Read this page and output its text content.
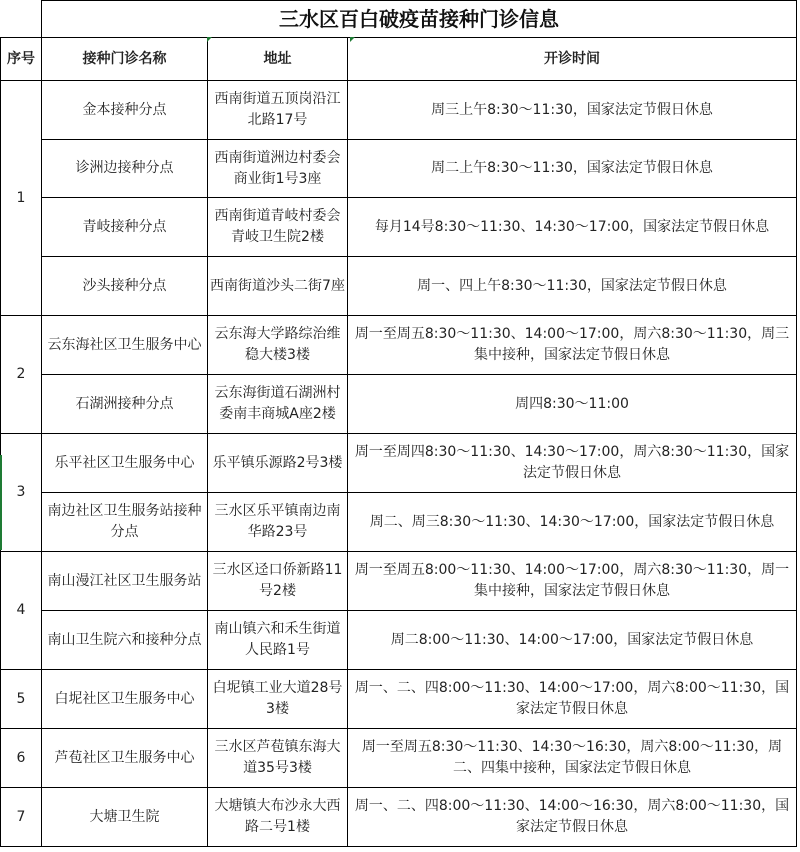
	三水区百白破疫苗接种门诊信息		
序号	接种门诊名称	地址	开诊时间
1	金本接种分点	西南街道五顶岗沿江北路17号	周三上午8:30～11:30，国家法定节假日休息
	诊洲边接种分点	西南街道洲边村委会商业街1号3座	周二上午8:30～11:30，国家法定节假日休息
	青岐接种分点	西南街道青岐村委会青岐卫生院2楼	每月14号8:30～11:30、14:30～17:00，国家法定节假日休息
	沙头接种分点	西南街道沙头二街7座	周一、四上午8:30～11:30，国家法定节假日休息
2	云东海社区卫生服务中心	云东海大学路综治维稳大楼3楼	周一至周五8:30～11:30、14:00～17:00，周六8:30～11:30，周三集中接种，国家法定节假日休息
	石湖洲接种分点	云东海街道石湖洲村委南丰商城A座2楼	周四8:30～11:00
3	乐平社区卫生服务中心	乐平镇乐源路2号3楼	周一至周四8:30～11:30、14:30～17:00，周六8:30～11:30，国家法定节假日休息
	南边社区卫生服务站接种分点	三水区乐平镇南边南华路23号	周二、周三8:30～11:30、14:30～17:00，国家法定节假日休息
4	南山漫江社区卫生服务站	三水区迳口侨新路11号2楼	周一至周五8:00～11:30、14:00～17:00，周六8:30～11:30，周一集中接种，国家法定节假日休息
	南山卫生院六和接种分点	南山镇六和禾生街道人民路1号	周二8:00～11:30、14:00～17:00，国家法定节假日休息
5	白坭社区卫生服务中心	白坭镇工业大道28号3楼	周一、二、四8:00～11:30、14:00～17:00，周六8:00～11:30，国家法定节假日休息
6	芦苞社区卫生服务中心	三水区芦苞镇东海大道35号3楼	周一至周五8:30～11:30、14:30～16:30，周六8:00～11:30，周二、四集中接种，国家法定节假日休息
7	大塘卫生院	大塘镇大布沙永大西路二号1楼	周一、二、四8:00～11:30、14:00～16:30，周六8:00～11:30，国家法定节假日休息
